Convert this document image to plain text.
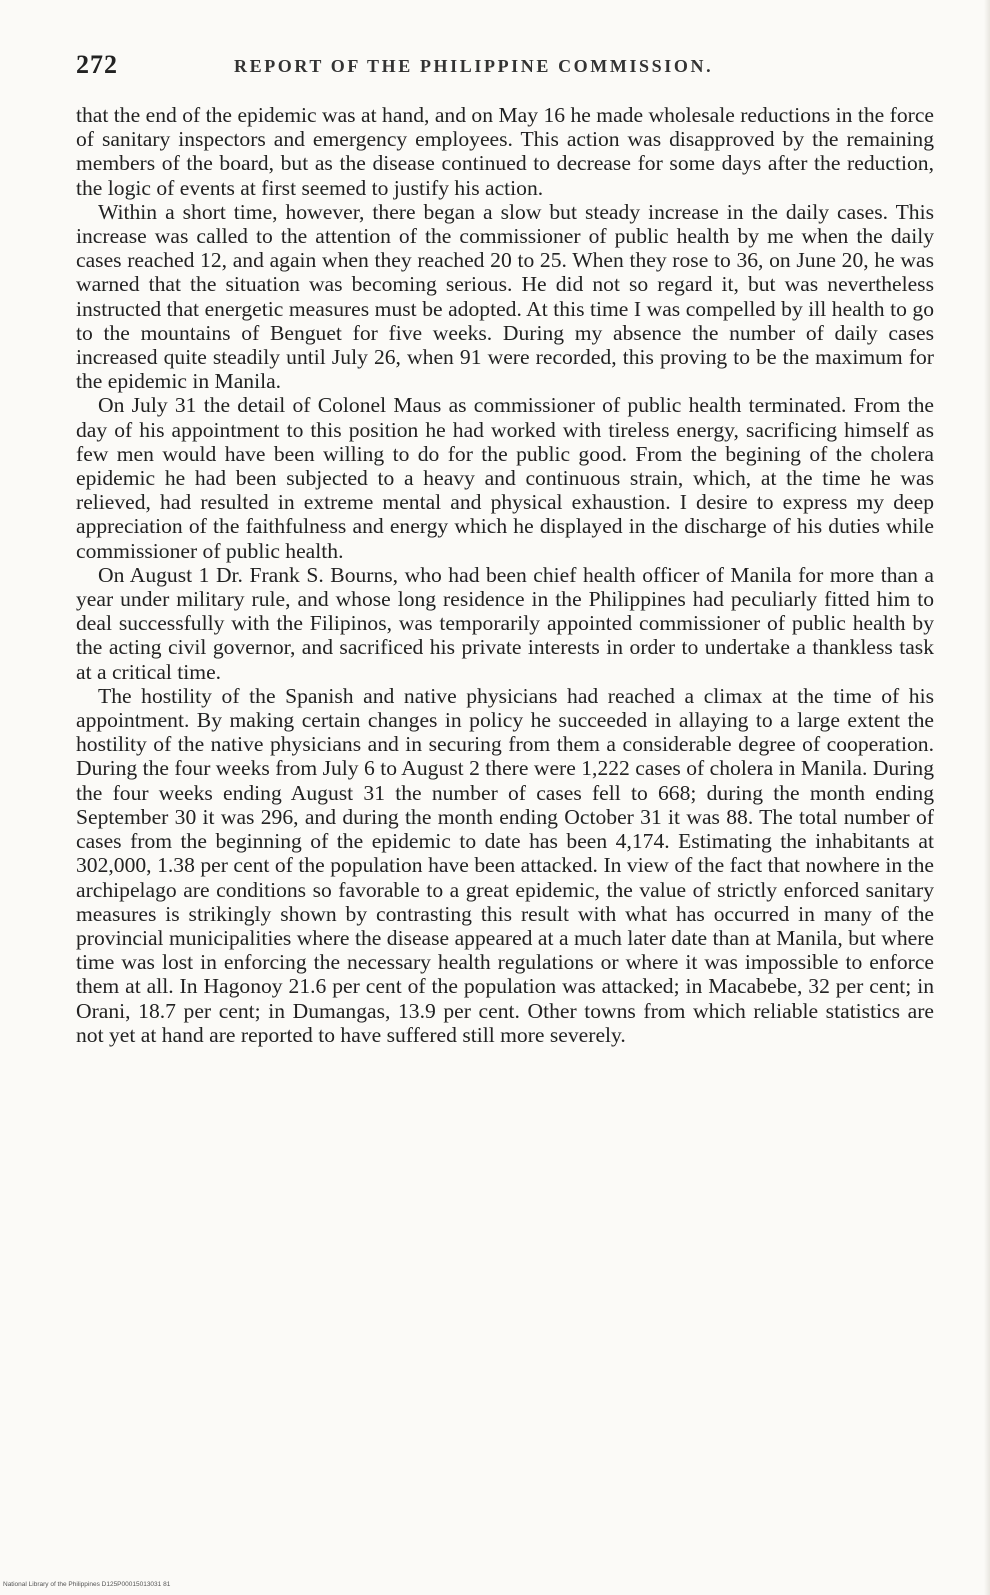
272	REPORT OF THE PHILIPPINE COMMISSION.

that the end of the epidemic was at hand, and on May 16 he made wholesale reductions in the force of sanitary inspectors and emergency employees. This action was disapproved by the remaining members of the board, but as the disease continued to decrease for some days after the reduction, the logic of events at first seemed to justify his action.

Within a short time, however, there began a slow but steady increase in the daily cases. This increase was called to the attention of the commissioner of public health by me when the daily cases reached 12, and again when they reached 20 to 25. When they rose to 36, on June 20, he was warned that the situation was becoming serious. He did not so regard it, but was nevertheless instructed that energetic measures must be adopted. At this time I was compelled by ill health to go to the mountains of Benguet for five weeks. During my absence the number of daily cases increased quite steadily until July 26, when 91 were recorded, this proving to be the maximum for the epidemic in Manila.

On July 31 the detail of Colonel Maus as commissioner of public health terminated. From the day of his appointment to this position he had worked with tireless energy, sacrificing himself as few men would have been willing to do for the public good. From the begining of the cholera epidemic he had been subjected to a heavy and continuous strain, which, at the time he was relieved, had resulted in extreme mental and physical exhaustion. I desire to express my deep appreciation of the faithfulness and energy which he displayed in the discharge of his duties while commissioner of public health.

On August 1 Dr. Frank S. Bourns, who had been chief health officer of Manila for more than a year under military rule, and whose long residence in the Philippines had peculiarly fitted him to deal successfully with the Filipinos, was temporarily appointed commissioner of public health by the acting civil governor, and sacrificed his private interests in order to undertake a thankless task at a critical time.

The hostility of the Spanish and native physicians had reached a climax at the time of his appointment. By making certain changes in policy he succeeded in allaying to a large extent the hostility of the native physicians and in securing from them a considerable degree of cooperation. During the four weeks from July 6 to August 2 there were 1,222 cases of cholera in Manila. During the four weeks ending August 31 the number of cases fell to 668; during the month ending September 30 it was 296, and during the month ending October 31 it was 88. The total number of cases from the beginning of the epidemic to date has been 4,174. Estimating the inhabitants at 302,000, 1.38 per cent of the population have been attacked. In view of the fact that nowhere in the archipelago are conditions so favorable to a great epidemic, the value of strictly enforced sanitary measures is strikingly shown by contrasting this result with what has occurred in many of the provincial municipalities where the disease appeared at a much later date than at Manila, but where time was lost in enforcing the necessary health regulations or where it was impossible to enforce them at all. In Hagonoy 21.6 per cent of the population was attacked; in Macabebe, 32 per cent; in Orani, 18.7 per cent; in Dumangas, 13.9 per cent. Other towns from which reliable statistics are not yet at hand are reported to have suffered still more severely.

National Library of the Philippines D125P00015013031 81
